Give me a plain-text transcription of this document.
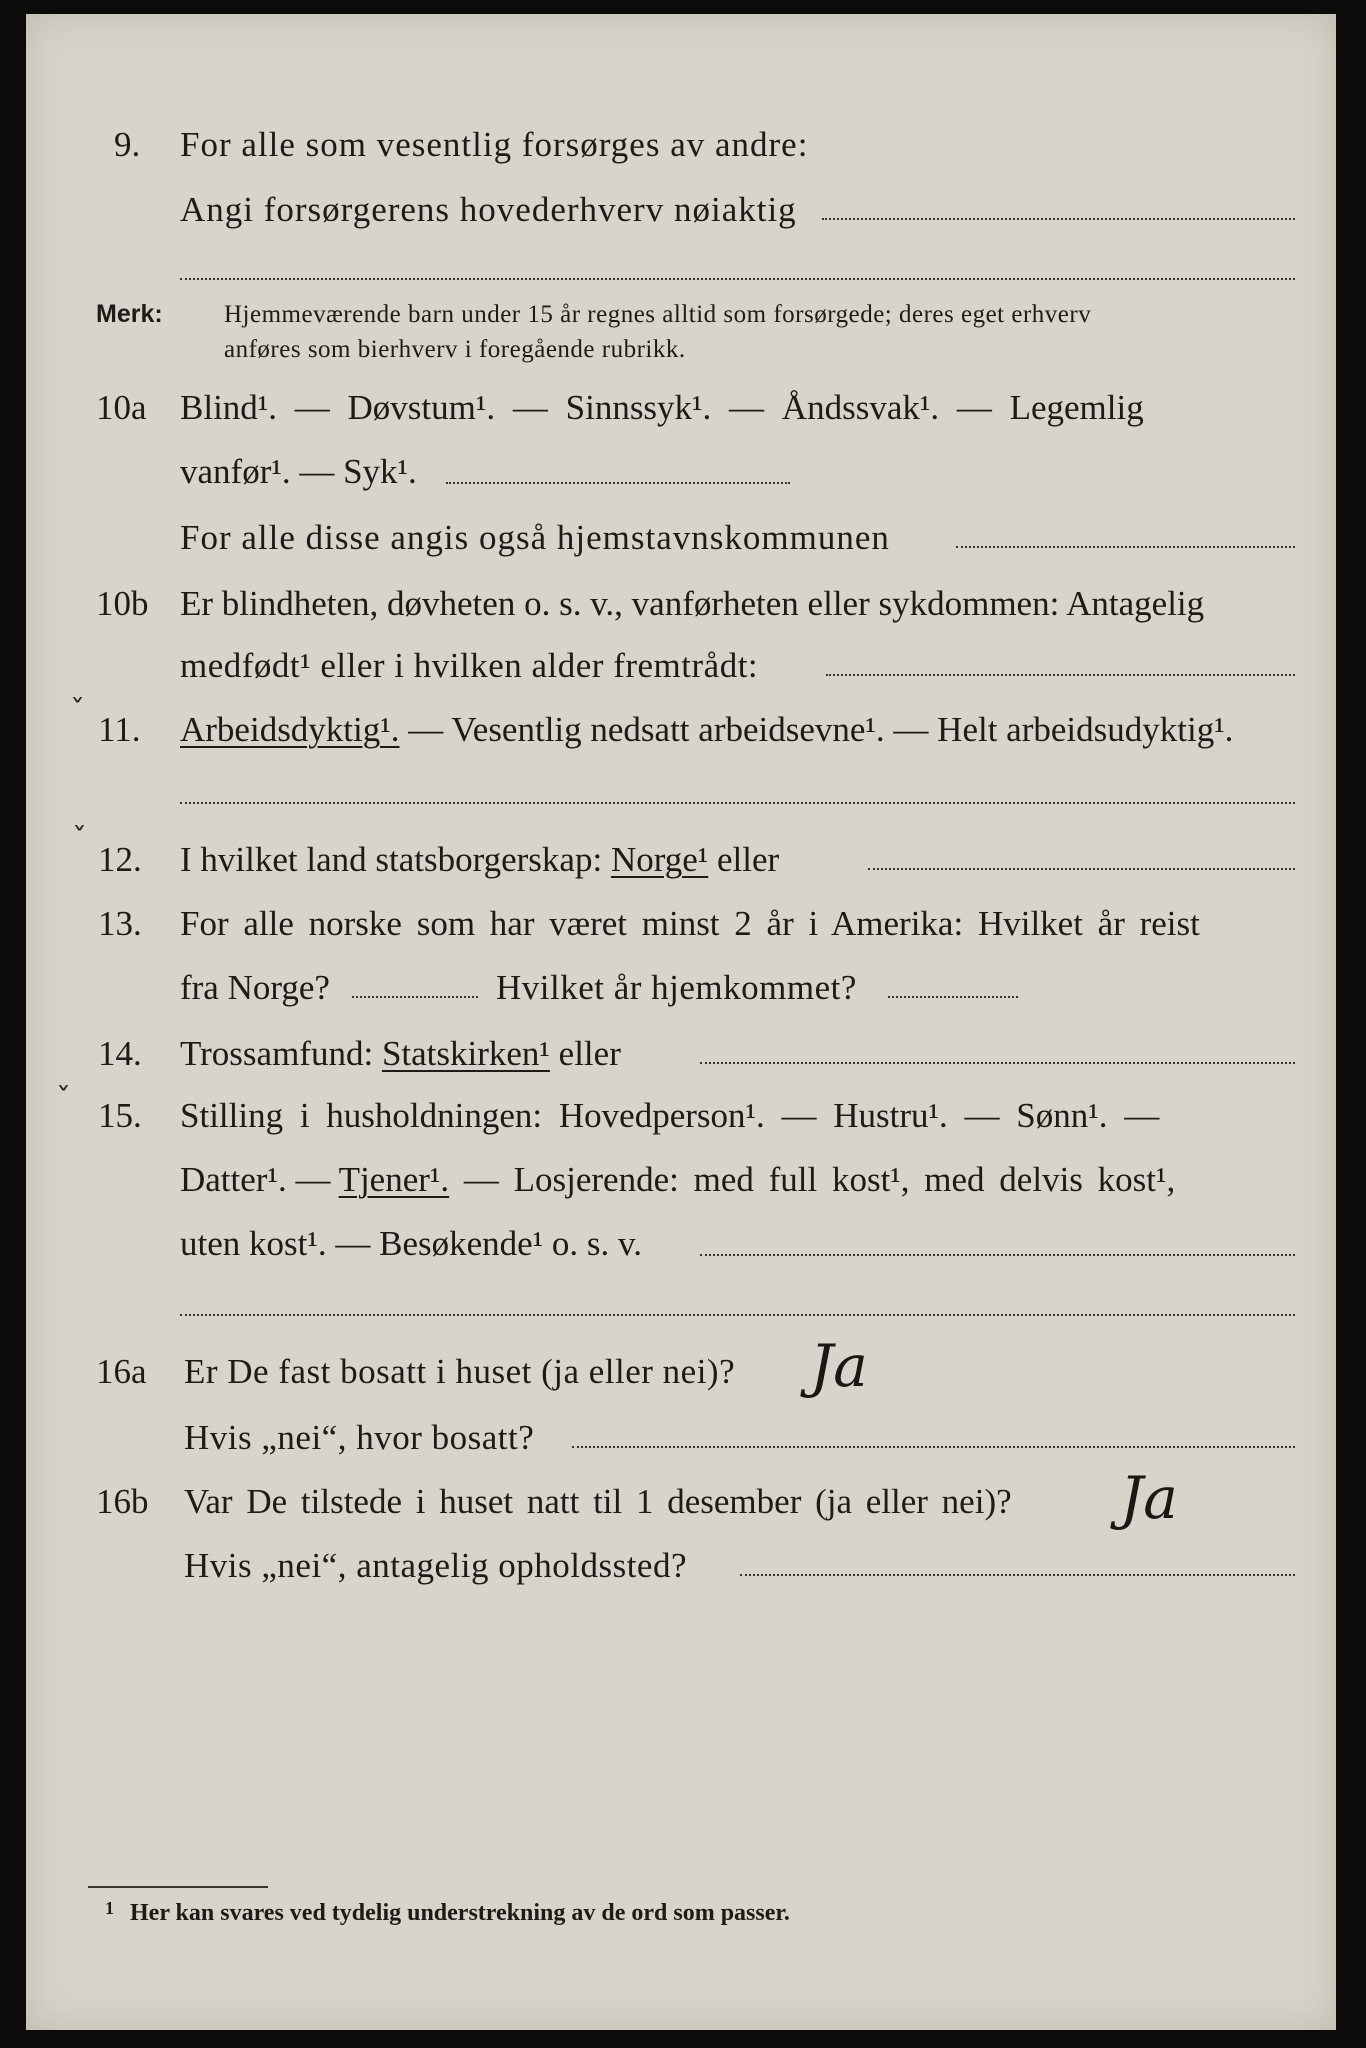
9. For alle som vesentlig forsørges av andre:
Angi forsørgerens hovederhverv nøiaktig
Merk: Hjemmeværende barn under 15 år regnes alltid som forsørgede; deres eget erhverv
anføres som bierhverv i foregående rubrikk.
10a Blind¹. — Døvstum¹. — Sinnssyk¹. — Åndssvak¹. — Legemlig
vanfør¹. — Syk¹.
For alle disse angis også hjemstavnskommunen
10b Er blindheten, døvheten o. s. v., vanførheten eller sykdommen: Antagelig
medfødt¹ eller i hvilken alder fremtrådt:
ˇ 11. Arbeidsdyktig¹. — Vesentlig nedsatt arbeidsevne¹. — Helt arbeidsudyktig¹.
ˇ
12. I hvilket land statsborgerskap: Norge¹ eller
13. For alle norske som har været minst 2 år i Amerika: Hvilket år reist
fra Norge?	Hvilket år hjemkommet?
14. Trossamfund: Statskirken¹ eller
ˇ 15. Stilling i husholdningen: Hovedperson¹. — Hustru¹. — Sønn¹. —
Datter¹. — Tjener¹. — Losjerende: med full kost¹, med delvis kost¹,
uten kost¹. — Besøkende¹ o. s. v.
16a Er De fast bosatt i huset (ja eller nei)? Ja
Hvis „nei“, hvor bosatt?
16b Var De tilstede i huset natt til 1 desember (ja eller nei)? Ja
Hvis „nei“, antagelig opholdssted?
1 Her kan svares ved tydelig understrekning av de ord som passer.
